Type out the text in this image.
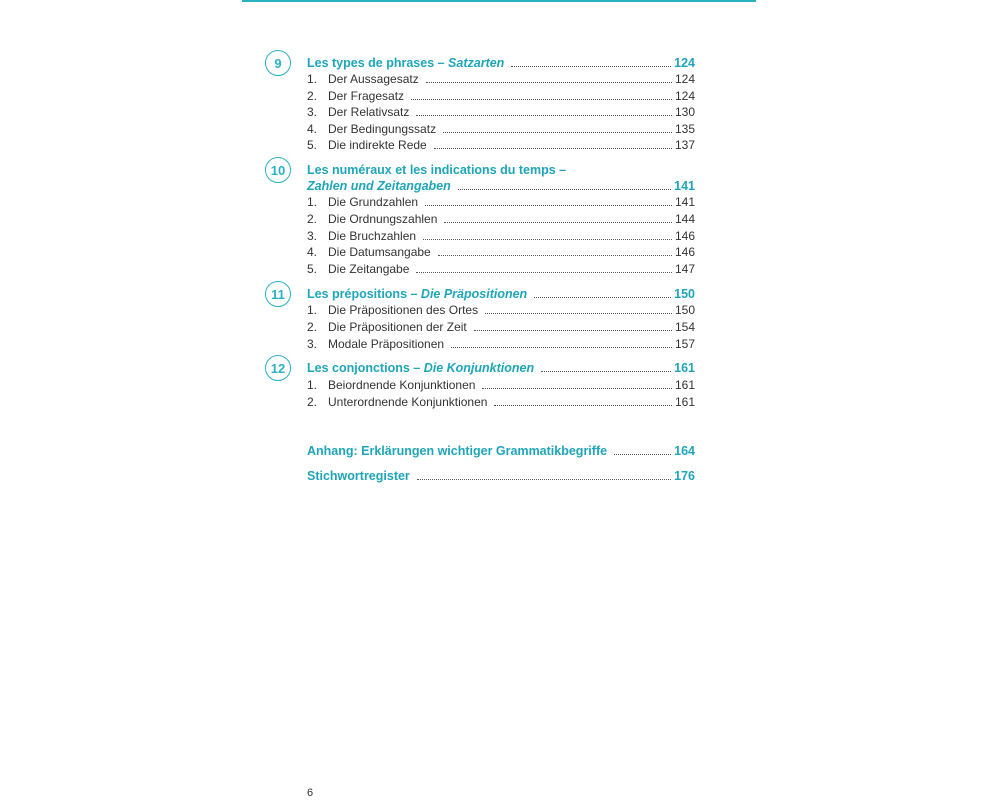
9	Les types de phrases – Satzarten	124
1. Der Aussagesatz	124
2. Der Fragesatz	124
3. Der Relativsatz	130
4. Der Bedingungssatz	135
5. Die indirekte Rede	137
10	Les numéraux et les indications du temps –
Zahlen und Zeitangaben	141
1. Die Grundzahlen	141
2. Die Ordnungszahlen	144
3. Die Bruchzahlen	146
4. Die Datumsangabe	146
5. Die Zeitangabe	147
11	Les prépositions – Die Präpositionen	150
1. Die Präpositionen des Ortes	150
2. Die Präpositionen der Zeit	154
3. Modale Präpositionen	157
12	Les conjonctions – Die Konjunktionen	161
1. Beiordnende Konjunktionen	161
2. Unterordnende Konjunktionen	161
Anhang: Erklärungen wichtiger Grammatikbegriffe	164
Stichwortregister	176
6
